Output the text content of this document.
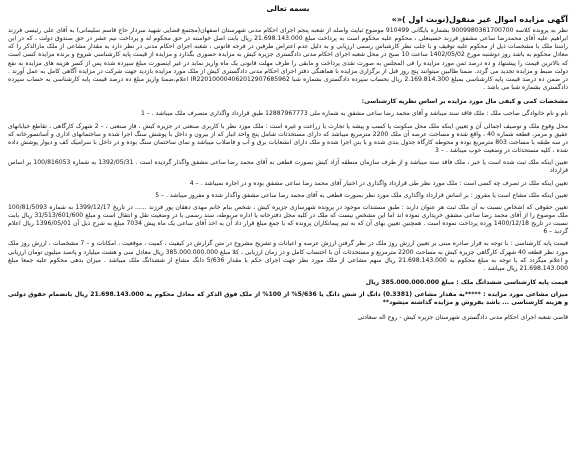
بسمه تعالی

آگهی مزایده اموال غیر منقول(نوبت اول )«»

نظر به پرونده کلاسه 9009980361700700 بشماره بایگانی 910499 موضوع ثبایت واصله از شعبه پنجم اجرای احکام مدنی شهرستان اصفهان(مجتمع قضایی شهید سردار حاج قاسم سلیمانی) به آقای علی رئیسی فرزند ابراهیم علیه آقای محمدرضا ساعی مشفق فرزند حسینعلی ، محکوم علیه محکوم است به پرداخت مبلغ 21.698.143.000 ریال بابت اصل خواسته در حق محکوم له و پرداخت نیم عشر در حق صندوق دولت ، که در این راستا ملک با مشخصات ذیل از محکوم علیه توقیف و با جلب نظر کارشناس رسمی ارزیابی و به دلیل عدم اعتراض طرفین در فرجه قانونی ، شعبه اجرای احکام مدنی در نظر دارد به مقدار مشاعی از ملک مارالذکر را که معادل محکوم به باشد روز دوشنبه مورخ 1402/05/02 ساعت 10 صبح در محل شعبه اجرای احکام مدنی دادگستری جزیره کیش به مزایده حضوری بگذارد و مزایده از قیمت پایه کارشناسی شروع و برنده مزایده کسی است که بالاترین قیمت را پیشنهاد و ده درصد ثمن مورد مزایده را فی المجلس به صورت نقدی پرداخت و مابقی را ظرف مهلت قانونی یک ماه واریز نماید در غیر اینصورت مبلغ سپرده شده پس از کسر هزینه های مزایده به نفع دولت ضبط و مزایده تجدید می گردد. ضمنا طالبین میتوانند پنج روز قبل از برگزاری مزایده با هماهنگی دفتر اجرای احکام مدنی دادگستری کیش از ملک مورد مزایده بازدید جهت شرکت در مزایده آگاهی کامل به عمل آورند . در ضمن ده درصد قیمت پایه کارشناسی بمبلغ 2.169.814.300 ریال بحساب سپرده دادگستری بشماره شبا IR220100004062012907685962 اعلام،ضمنا واریز مبلغ ده درصد قیمت پایه کارشناسی به حساب سپرده دادگستری بشماره شبا می باشد .

مشخصات کمی و کیفی مال مورد مزایده بر اساس نظریه کارشناسی:

نام و نام خانوادگی صاحب ملک : ملک فاقد سند میباشد و آقای محمد رضا ساعی مشفق به شماره ملی 12887967773 طبق قرارداد واگذاری متصرف ملک میباشد . – 1

محل وقوع ملک و توصیف اجمالی آن و تعیین اینکه ملک محل سکونت یا کسب و پیشه یا تجارت یا زراعت و غیره است : ملک مورد نظر با کاربری صنعتی در جزیره کیش ، فاز صنعتی ، – 2 شهرک کارگاهی ، تقاطع خیابانهای عقیق و مرمر، قطعه شماره 40 ، واقع شده و مساحت عرصه آن ملک 2200 مترمربع میباشد که دارای مستحدثات شامل پنج واحد انبار که از بیرون و داخل با پوشش سنگ اجرا شده و ساختمانهای اداری و آسانسورخانه که در سه طبقه با مساحت 803 مترمربع بوده و محوطه کارگاه جدول بندی شده و با بتن اجرا شده و ملک دارای انشعابات برق و آب و فاضلاب میباشد و نمای ساختمان سنگ بوده و در داخل با سرامیک کف و دیوار پوشش داده شده ، کلیه مستحدثات در وضعیت خوب میباشد . – 3

تعیین اینکه ملک ثبت شده است یا خیر ، ملک فاقد سند میباشد و از طرف سازمان منطقه آزاد کیش بصورت قطعی به آقای محمد رضا ساعی مشفق واگذار گردیده است . 1392/05/31 به شماره 100/816053 بر اساس قرارداد

تعیین اینکه ملک در تصرف چه کسی است : ملک مورد نظر طی قرارداد واگذاری در اختیار آقای محمد رضا ساعی مشفق بوده و در اجاره نمیباشد . – 4

تعیین اینکه ملک مشاع است یا مفروز : بر اساس قرارداد واگذاری ملک مورد نظر بصورت قطعی به آقای محمد رضا ساعی مشفق واگذار شده و مفروز میباشد . – 5

تعیین حقوقی که اشخاص نسبت به آن ملک ثبت هر عنوان دارند : طبق مستندات موجود در پرونده شهرسازی جزیره کیش ، شخص بنام خانم مهدی دهقان پور فرزند ...... در تاریخ 1399/12/17 به شماره 100/81/5093 ملک موضوع را از آقای محمد رضا ساعی مشفق خریداری نموده اند اما این مشخص نیست که ملک در کلیه محل دفترخانه یا اداره مربوطه، سند رسمی یا در وضعیت نقل و انتقال است و مبلغ 31/513/601/600 ریال بابت نسبت در تاریخ 1400/12/18 ورده پرداخت نموده است . همچنین تعیین بهای آن که به تیم پیمانکاران پرونده که با جمع مبلغ قرار داد آن به اخذ آقای ساعی یک ماه پیش 7034 مبلغ به شرح ذیل آن 1396/05/01 ریال اعلام گردید – 6

قیمت پایه کارشناسی : با توجه به قرار صادره مبنی بر تعیین ارزش روز ملک در نظر گرفتن ارزش عرصه و اعیانات و تشریح مشروح در متن گزارش در کیفیت ، کمیت ، موقعیت ، امکانات و – 7 مشخصات ، ارزش روز ملک مورد نظر قطعه 40 شهرک کارگاهی جزیره کیش به مساحت 2200 مترمربع و مستحدثات آن با احتساب کامل و در زمان ارزیابی ، کلا مبلغ 385.000.000.000 ریال معادل سی و هشت میلیارد و پانصد میلیون تومان ارزیابی و اعلام میگردد که با توجه به مبلغ محکوم به 21.698.143.000 ریال سهم مشاعی از ملک مورد نظر جهت اجرای حکم با مقدار 5/636 دانگ مشاع از ششدانگ ملک میباشد . میزان بدهی محکوم علیه جمعا مبلغ 21.698.143.000 ریال میباشد .

قیمت پایه کارشناسی ششدانگ ملک : مبلغ 385.000.000.000 ریال

میزان مشاعی مورد مزایده : *****به مقدار مشاعی (0.3381) دانگ از شش دانگ یا 5/636% از 100% از ملک فوق الذکر که معادل محکوم به 21.698.143.000 ریال بانضمام حقوق دولتی و هزینه کارشناسی ... باشد بفروش و مزایده گذاشته میشود**

قاضی شعبه اجرای احکام مدنی دادگستری شهرستان جزیره کیش - روح اله سعادتی
